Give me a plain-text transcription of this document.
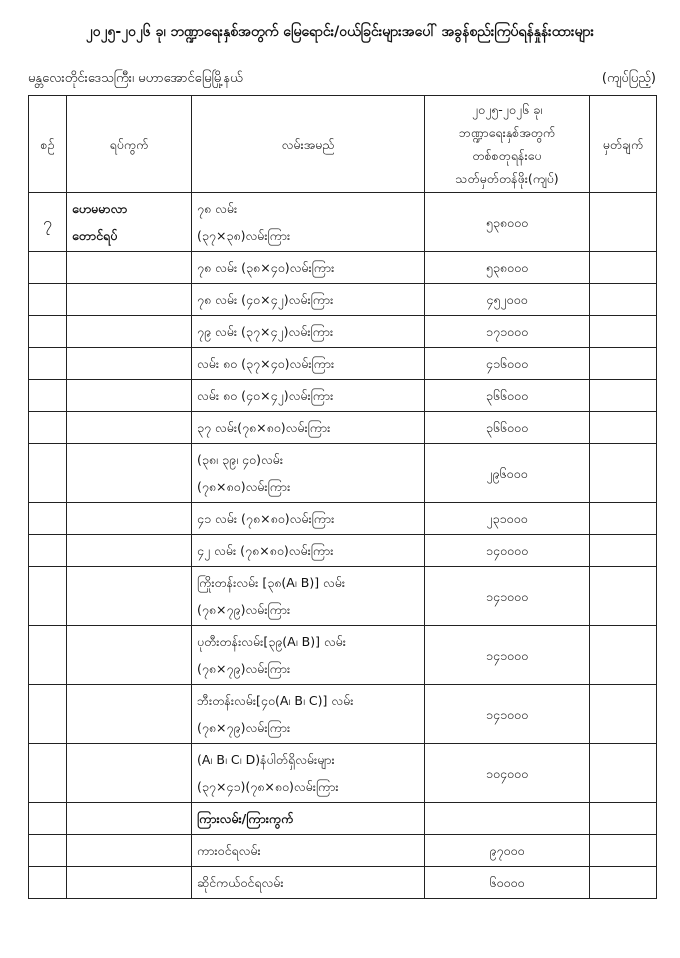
၂၀၂၅-၂၀၂၆ ခု၊ ဘဏ္ဍာရေးနှစ်အတွက် မြေရောင်း/ဝယ်ခြင်းများအပေါ် အခွန်စည်းကြပ်ရန်နှုန်းထားများ
မန္တလေးတိုင်းဒေသကြီး၊ မဟာအောင်မြေမြို့နယ်	(ကျပ်ပြည့်)
စဉ်	ရပ်ကွက်	လမ်းအမည်	၂၀၂၅-၂၀၂၆ ခု၊
ဘဏ္ဍာရေးနှစ်အတွက်
တစ်စတုရန်းပေ
သတ်မှတ်တန်ဖိုး(ကျပ်)	မှတ်ချက်
၇	ဟေမမာလာ
တောင်ရပ်	၇၈ လမ်း
(၃၇×၃၈)လမ်းကြား	၅၃၈၀၀၀	

		၇၈ လမ်း (၃၈×၄၀)လမ်းကြား	၅၃၈၀၀၀	

		၇၈ လမ်း (၄၀×၄၂)လမ်းကြား	၄၅၂၀၀၀	

		၇၉ လမ်း (၃၇×၄၂)လမ်းကြား	၁၇၁၀၀၀	

		လမ်း ၈၀ (၃၇×၄၀)လမ်းကြား	၄၁၆၀၀၀	

		လမ်း ၈၀ (၄၀×၄၂)လမ်းကြား	၃၆၆၀၀၀	

		၃၇ လမ်း(၇၈×၈၀)လမ်းကြား	၃၆၆၀၀၀	

		(၃၈၊ ၃၉၊ ၄၀)လမ်း
(၇၈×၈၀)လမ်းကြား	၂၉၆၀၀၀	

		၄၁ လမ်း (၇၈×၈၀)လမ်းကြား	၂၃၁၀၀၀	

		၄၂ လမ်း (၇၈×၈၀)လမ်းကြား	၁၄၀၀၀၀	

		ကြိုးတန်းလမ်း [၃၈(A၊ B)] လမ်း
(၇၈×၇၉)လမ်းကြား	၁၄၁၀၀၀	

		ပုတီးတန်းလမ်း[၃၉(A၊ B)] လမ်း
(၇၈×၇၉)လမ်းကြား	၁၄၁၀၀၀	

		ဘီးတန်းလမ်း[၄၀(A၊ B၊ C)] လမ်း
(၇၈×၇၉)လမ်းကြား	၁၄၁၀၀၀	

		(A၊ B၊ C၊ D)နံပါတ်ရှိလမ်းများ
(၃၇×၄၁)(၇၈×၈၀)လမ်းကြား	၁၀၄၀၀၀	

		ကြားလမ်း/ကြားကွက်		

		ကားဝင်ရလမ်း	၉၇၀၀၀	

		ဆိုင်ကယ်ဝင်ရလမ်း	၆၀၀၀၀	
